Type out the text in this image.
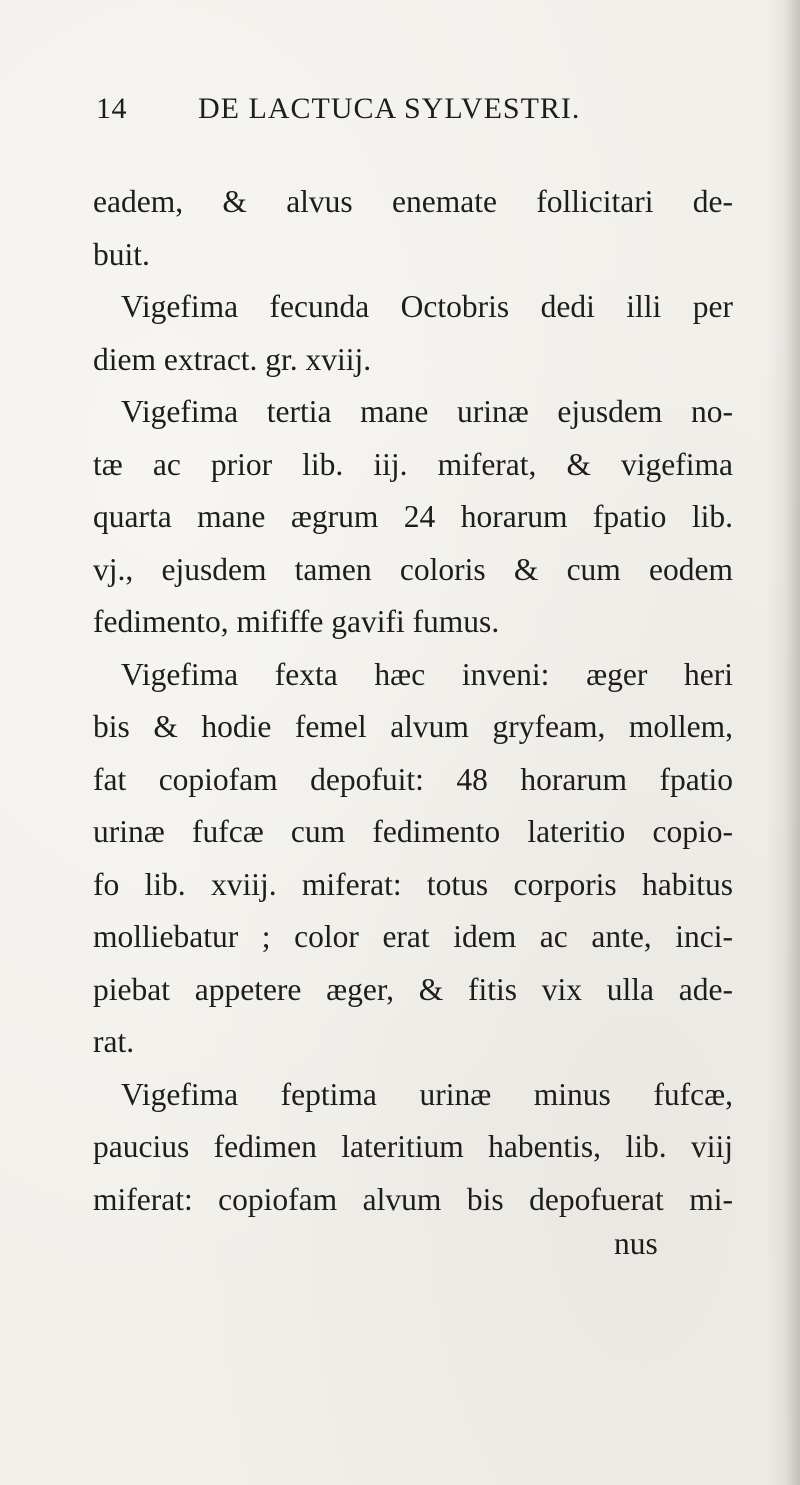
14 DE LACTUCA SYLVESTRI.
eadem, & alvus enemate follicitari de-
buit.
Vigefima fecunda Octobris dedi illi per
diem extract. gr. xviij.
Vigefima tertia mane urinæ ejusdem no-
tæ ac prior lib. iij. miferat, & vigefima
quarta mane ægrum 24 horarum fpatio lib.
vj., ejusdem tamen coloris & cum eodem
fedimento, mififfe gavifi fumus.
Vigefima fexta hæc inveni: æger heri
bis & hodie femel alvum gryfeam, mollem,
fat copiofam depofuit: 48 horarum fpatio
urinæ fufcæ cum fedimento lateritio copio-
fo lib. xviij. miferat: totus corporis habitus
molliebatur ; color erat idem ac ante, inci-
piebat appetere æger, & fitis vix ulla ade-
rat.
Vigefima feptima urinæ minus fufcæ,
paucius fedimen lateritium habentis, lib. viij
miferat: copiofam alvum bis depofuerat mi-
nus
